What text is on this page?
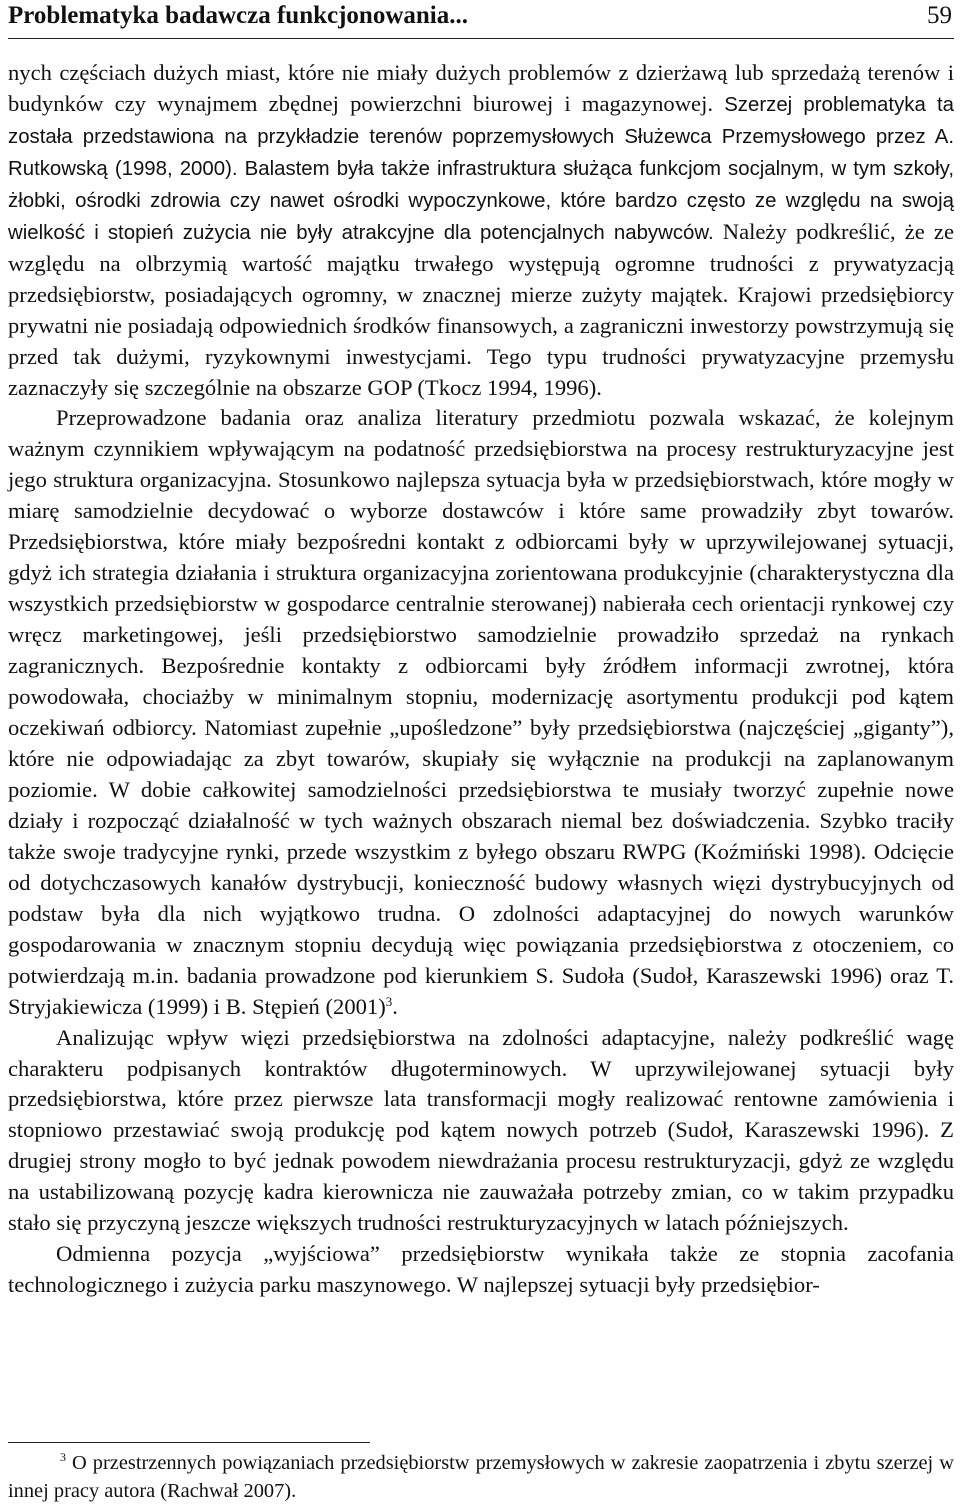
Problematyka badawcza funkcjonowania...	59

nych częściach dużych miast, które nie miały dużych problemów z dzierżawą lub sprzedażą terenów i budynków czy wynajmem zbędnej powierzchni biurowej i magazynowej. Szerzej problematyka ta została przedstawiona na przykładzie terenów poprzemysłowych Służewca Przemysłowego przez A. Rutkowską (1998, 2000). Balastem była także infrastruktura służąca funkcjom socjalnym, w tym szkoły, żłobki, ośrodki zdrowia czy nawet ośrodki wypoczynkowe, które bardzo często ze względu na swoją wielkość i stopień zużycia nie były atrakcyjne dla potencjalnych nabywców. Należy podkreślić, że ze względu na olbrzymią wartość majątku trwałego występują ogromne trudności z prywatyzacją przedsiębiorstw, posiadających ogromny, w znacznej mierze zużyty majątek. Krajowi przedsiębiorcy prywatni nie posiadają odpowiednich środków finansowych, a zagraniczni inwestorzy powstrzymują się przed tak dużymi, ryzykownymi inwestycjami. Tego typu trudności prywatyzacyjne przemysłu zaznaczyły się szczególnie na obszarze GOP (Tkocz 1994, 1996).

Przeprowadzone badania oraz analiza literatury przedmiotu pozwala wskazać, że kolejnym ważnym czynnikiem wpływającym na podatność przedsiębiorstwa na procesy restrukturyzacyjne jest jego struktura organizacyjna. Stosunkowo najlepsza sytuacja była w przedsiębiorstwach, które mogły w miarę samodzielnie decydować o wyborze dostawców i które same prowadziły zbyt towarów. Przedsiębiorstwa, które miały bezpośredni kontakt z odbiorcami były w uprzywilejowanej sytuacji, gdyż ich strategia działania i struktura organizacyjna zorientowana produkcyjnie (charakterystyczna dla wszystkich przedsiębiorstw w gospodarce centralnie sterowanej) nabierała cech orientacji rynkowej czy wręcz marketingowej, jeśli przedsiębiorstwo samodzielnie prowadziło sprzedaż na rynkach zagranicznych. Bezpośrednie kontakty z odbiorcami były źródłem informacji zwrotnej, która powodowała, chociażby w minimalnym stopniu, modernizację asortymentu produkcji pod kątem oczekiwań odbiorcy. Natomiast zupełnie „upośledzone” były przedsiębiorstwa (najczęściej „giganty”), które nie odpowiadając za zbyt towarów, skupiały się wyłącznie na produkcji na zaplanowanym poziomie. W dobie całkowitej samodzielności przedsiębiorstwa te musiały tworzyć zupełnie nowe działy i rozpocząć działalność w tych ważnych obszarach niemal bez doświadczenia. Szybko traciły także swoje tradycyjne rynki, przede wszystkim z byłego obszaru RWPG (Koźmiński 1998). Odcięcie od dotychczasowych kanałów dystrybucji, konieczność budowy własnych więzi dystrybucyjnych od podstaw była dla nich wyjątkowo trudna. O zdolności adaptacyjnej do nowych warunków gospodarowania w znacznym stopniu decydują więc powiązania przedsiębiorstwa z otoczeniem, co potwierdzają m.in. badania prowadzone pod kierunkiem S. Sudoła (Sudoł, Karaszewski 1996) oraz T. Stryjakiewicza (1999) i B. Stępień $(2001)^3$.

Analizując wpływ więzi przedsiębiorstwa na zdolności adaptacyjne, należy podkreślić wagę charakteru podpisanych kontraktów długoterminowych. W uprzywilejowanej sytuacji były przedsiębiorstwa, które przez pierwsze lata transformacji mogły realizować rentowne zamówienia i stopniowo przestawiać swoją produkcję pod kątem nowych potrzeb (Sudoł, Karaszewski 1996). Z drugiej strony mogło to być jednak powodem niewdrażania procesu restrukturyzacji, gdyż ze względu na ustabilizowaną pozycję kadra kierownicza nie zauważała potrzeby zmian, co w takim przypadku stało się przyczyną jeszcze większych trudności restrukturyzacyjnych w latach późniejszych.

Odmienna pozycja „wyjściowa” przedsiębiorstw wynikała także ze stopnia zacofania technologicznego i zużycia parku maszynowego. W najlepszej sytuacji były przedsiębior-

$^3$ O przestrzennych powiązaniach przedsiębiorstw przemysłowych w zakresie zaopatrzenia i zbytu szerzej w innej pracy autora (Rachwał 2007).
